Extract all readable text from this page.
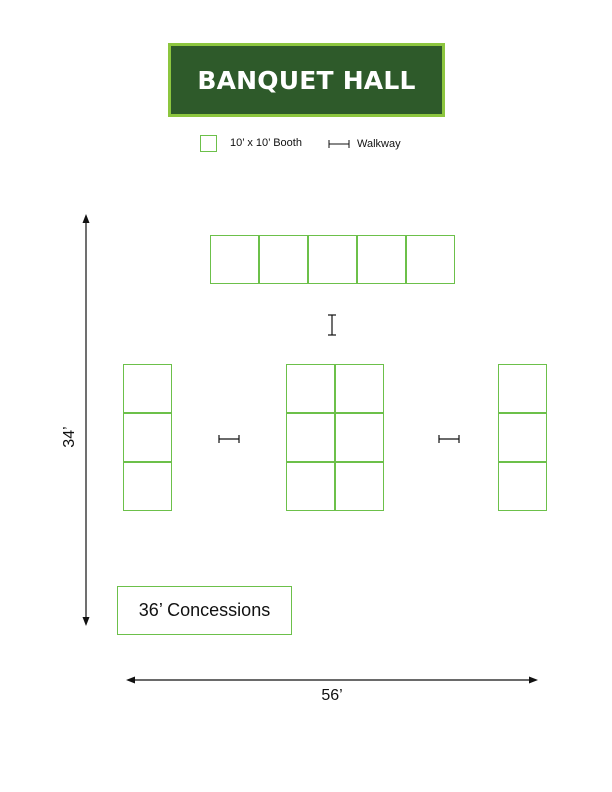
BANQUET HALL
10’ x 10’ Booth	Walkway
36’ Concessions
34’
56’
